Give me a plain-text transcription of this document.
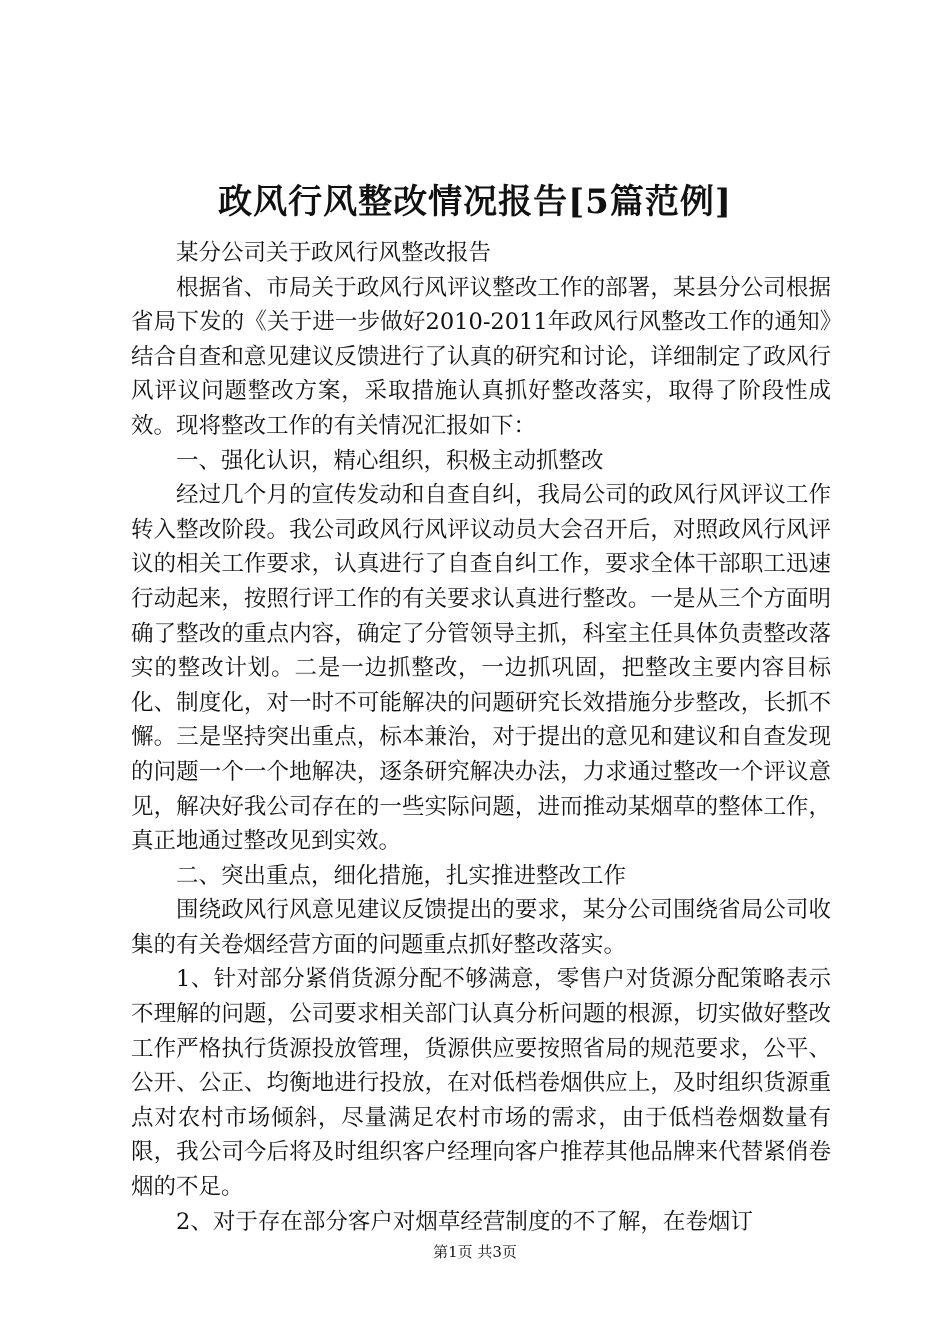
政风行风整改情况报告[5篇范例]

某分公司关于政风行风整改报告

根据省、市局关于政风行风评议整改工作的部署，某县分公司根据省局下发的《关于进一步做好2010-2011年政风行风整改工作的通知》结合自查和意见建议反馈进行了认真的研究和讨论，详细制定了政风行风评议问题整改方案，采取措施认真抓好整改落实，取得了阶段性成效。现将整改工作的有关情况汇报如下：

一、强化认识，精心组织，积极主动抓整改

经过几个月的宣传发动和自查自纠，我局公司的政风行风评议工作转入整改阶段。我公司政风行风评议动员大会召开后，对照政风行风评议的相关工作要求，认真进行了自查自纠工作，要求全体干部职工迅速行动起来，按照行评工作的有关要求认真进行整改。一是从三个方面明确了整改的重点内容，确定了分管领导主抓，科室主任具体负责整改落实的整改计划。二是一边抓整改，一边抓巩固，把整改主要内容目标化、制度化，对一时不可能解决的问题研究长效措施分步整改，长抓不懈。三是坚持突出重点，标本兼治，对于提出的意见和建议和自查发现的问题一个一个地解决，逐条研究解决办法，力求通过整改一个评议意见，解决好我公司存在的一些实际问题，进而推动某烟草的整体工作，真正地通过整改见到实效。

二、突出重点，细化措施，扎实推进整改工作

围绕政风行风意见建议反馈提出的要求，某分公司围绕省局公司收集的有关卷烟经营方面的问题重点抓好整改落实。

1、针对部分紧俏货源分配不够满意，零售户对货源分配策略表示不理解的问题，公司要求相关部门认真分析问题的根源，切实做好整改工作严格执行货源投放管理，货源供应要按照省局的规范要求，公平、公开、公正、均衡地进行投放，在对低档卷烟供应上，及时组织货源重点对农村市场倾斜，尽量满足农村市场的需求，由于低档卷烟数量有限，我公司今后将及时组织客户经理向客户推荐其他品牌来代替紧俏卷烟的不足。

2、对于存在部分客户对烟草经营制度的不了解，在卷烟订

第1页 共3页
